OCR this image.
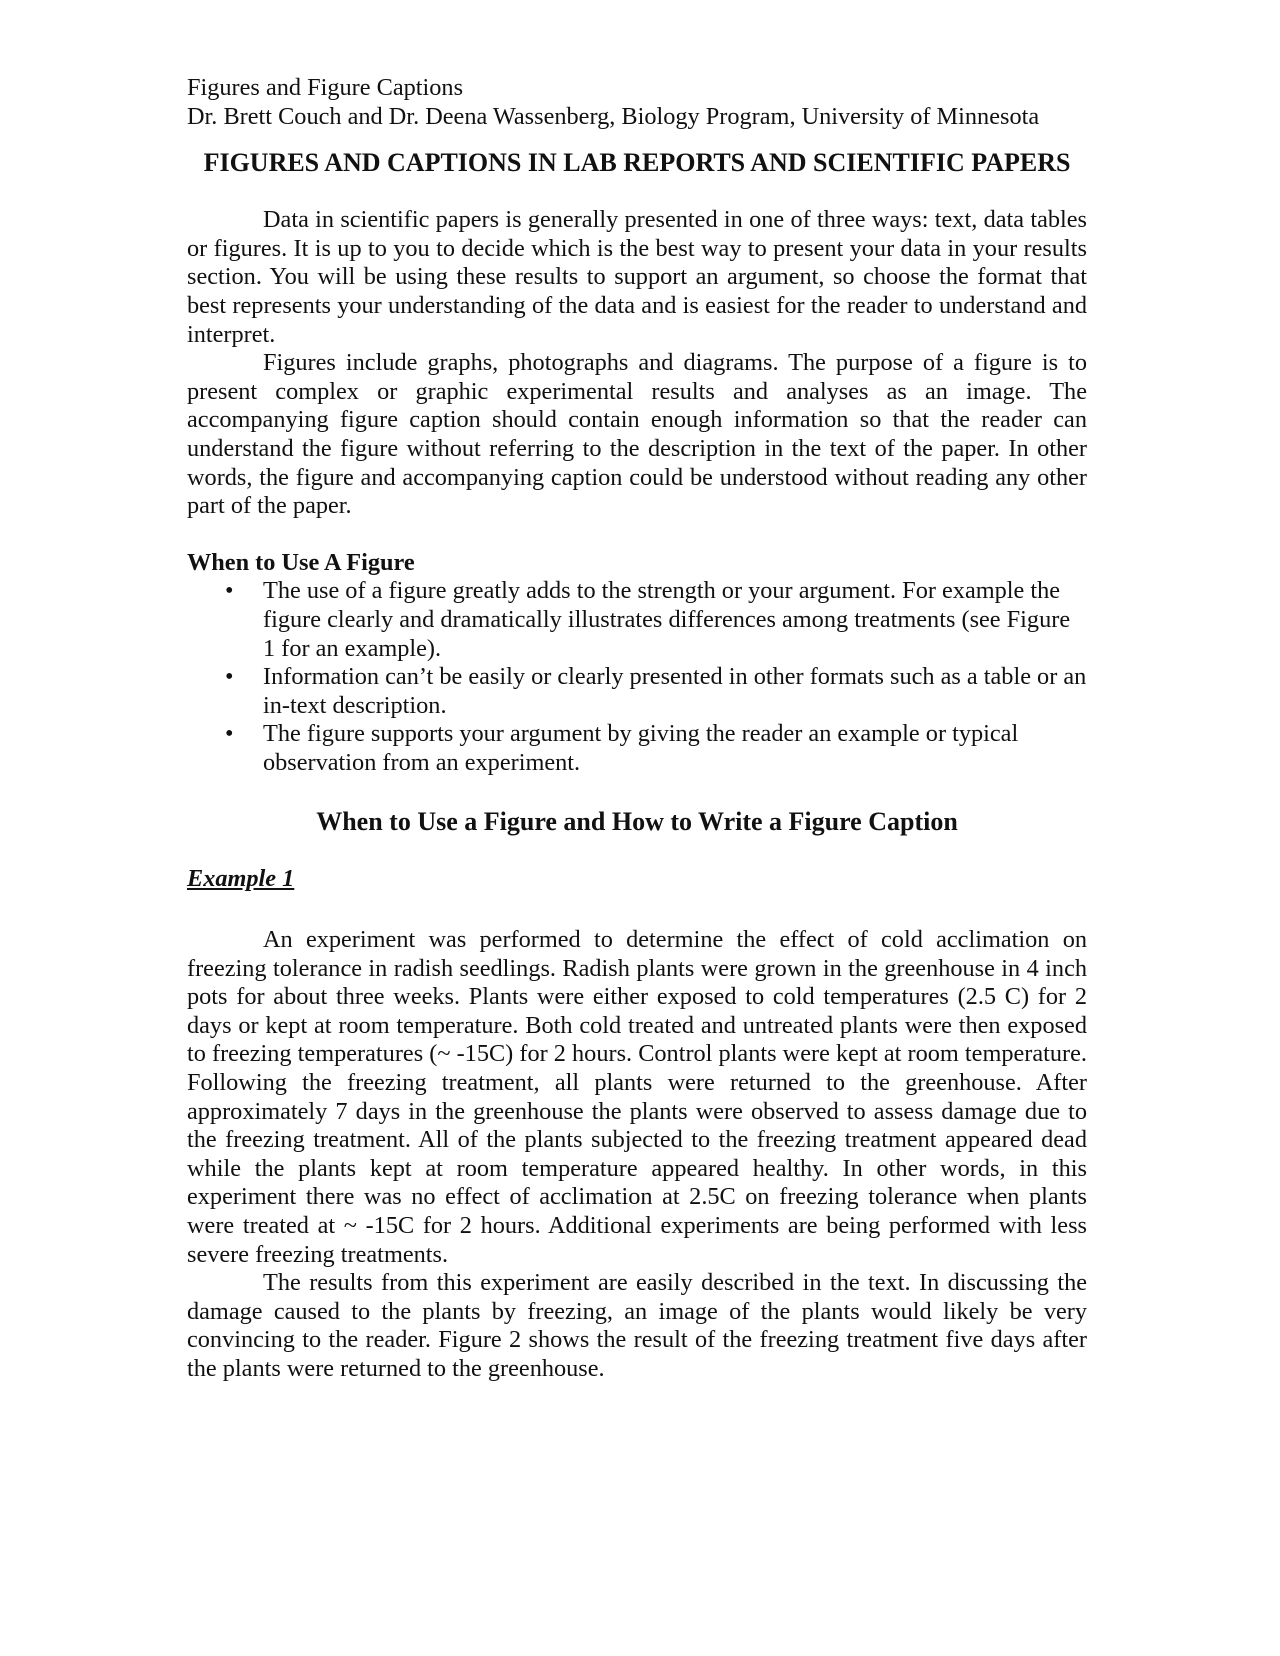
Figures and Figure Captions

Dr. Brett Couch and Dr. Deena Wassenberg, Biology Program, University of Minnesota

FIGURES AND CAPTIONS IN LAB REPORTS AND SCIENTIFIC PAPERS

Data in scientific papers is generally presented in one of three ways: text, data tables or figures. It is up to you to decide which is the best way to present your data in your results section. You will be using these results to support an argument, so choose the format that best represents your understanding of the data and is easiest for the reader to understand and interpret.

Figures include graphs, photographs and diagrams. The purpose of a figure is to present complex or graphic experimental results and analyses as an image. The accompanying figure caption should contain enough information so that the reader can understand the figure without referring to the description in the text of the paper. In other words, the figure and accompanying caption could be understood without reading any other part of the paper.

When to Use A Figure

• The use of a figure greatly adds to the strength or your argument. For example the figure clearly and dramatically illustrates differences among treatments (see Figure 1 for an example).
• Information can’t be easily or clearly presented in other formats such as a table or an in-text description.
• The figure supports your argument by giving the reader an example or typical observation from an experiment.
When to Use a Figure and How to Write a Figure Caption

Example 1

An experiment was performed to determine the effect of cold acclimation on freezing tolerance in radish seedlings. Radish plants were grown in the greenhouse in 4 inch pots for about three weeks. Plants were either exposed to cold temperatures (2.5 C) for 2 days or kept at room temperature. Both cold treated and untreated plants were then exposed to freezing temperatures (~ -15C) for 2 hours. Control plants were kept at room temperature. Following the freezing treatment, all plants were returned to the greenhouse. After approximately 7 days in the greenhouse the plants were observed to assess damage due to the freezing treatment. All of the plants subjected to the freezing treatment appeared dead while the plants kept at room temperature appeared healthy. In other words, in this experiment there was no effect of acclimation at 2.5C on freezing tolerance when plants were treated at ~ -15C for 2 hours. Additional experiments are being performed with less severe freezing treatments.

The results from this experiment are easily described in the text. In discussing the damage caused to the plants by freezing, an image of the plants would likely be very convincing to the reader. Figure 2 shows the result of the freezing treatment five days after the plants were returned to the greenhouse.
